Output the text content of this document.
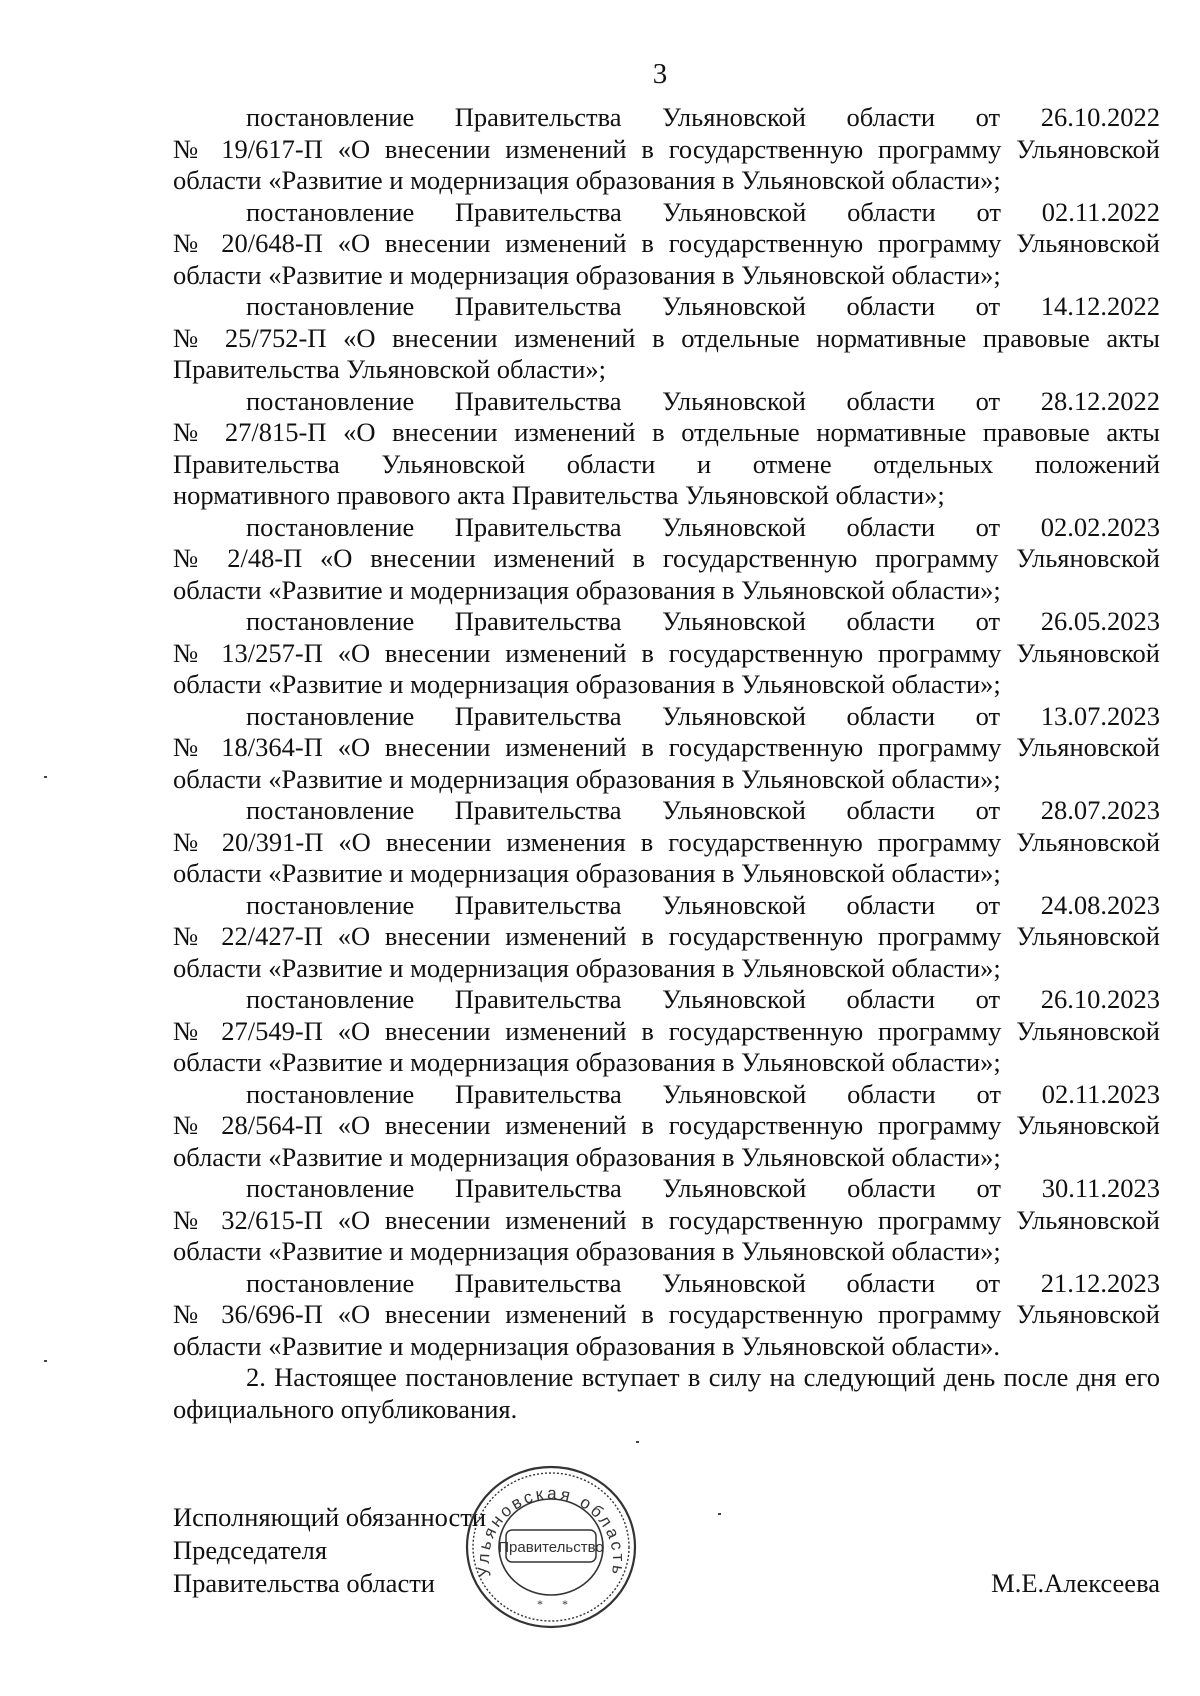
3
постановление Правительства Ульяновской области от 26.10.2022
№ 19/617-П «О внесении изменений в государственную программу Ульяновской
области «Развитие и модернизация образования в Ульяновской области»;
постановление Правительства Ульяновской области от 02.11.2022
№ 20/648-П «О внесении изменений в государственную программу Ульяновской
области «Развитие и модернизация образования в Ульяновской области»;
постановление Правительства Ульяновской области от 14.12.2022
№ 25/752-П «О внесении изменений в отдельные нормативные правовые акты
Правительства Ульяновской области»;
постановление Правительства Ульяновской области от 28.12.2022
№ 27/815-П «О внесении изменений в отдельные нормативные правовые акты
Правительства Ульяновской области и отмене отдельных положений
нормативного правового акта Правительства Ульяновской области»;
постановление Правительства Ульяновской области от 02.02.2023
№ 2/48-П «О внесении изменений в государственную программу Ульяновской
области «Развитие и модернизация образования в Ульяновской области»;
постановление Правительства Ульяновской области от 26.05.2023
№ 13/257-П «О внесении изменений в государственную программу Ульяновской
области «Развитие и модернизация образования в Ульяновской области»;
постановление Правительства Ульяновской области от 13.07.2023
№ 18/364-П «О внесении изменений в государственную программу Ульяновской
области «Развитие и модернизация образования в Ульяновской области»;
постановление Правительства Ульяновской области от 28.07.2023
№ 20/391-П «О внесении изменения в государственную программу Ульяновской
области «Развитие и модернизация образования в Ульяновской области»;
постановление Правительства Ульяновской области от 24.08.2023
№ 22/427-П «О внесении изменений в государственную программу Ульяновской
области «Развитие и модернизация образования в Ульяновской области»;
постановление Правительства Ульяновской области от 26.10.2023
№ 27/549-П «О внесении изменений в государственную программу Ульяновской
области «Развитие и модернизация образования в Ульяновской области»;
постановление Правительства Ульяновской области от 02.11.2023
№ 28/564-П «О внесении изменений в государственную программу Ульяновской
области «Развитие и модернизация образования в Ульяновской области»;
постановление Правительства Ульяновской области от 30.11.2023
№ 32/615-П «О внесении изменений в государственную программу Ульяновской
области «Развитие и модернизация образования в Ульяновской области»;
постановление Правительства Ульяновской области от 21.12.2023
№ 36/696-П «О внесении изменений в государственную программу Ульяновской
области «Развитие и модернизация образования в Ульяновской области».

2. Настоящее постановление вступает в силу на следующий день после дня его официального опубликования.

Исполняющий обязанности
Председателя
Правительства области	М.Е.Алексеева
Ульяновская область
Правительство
* *
